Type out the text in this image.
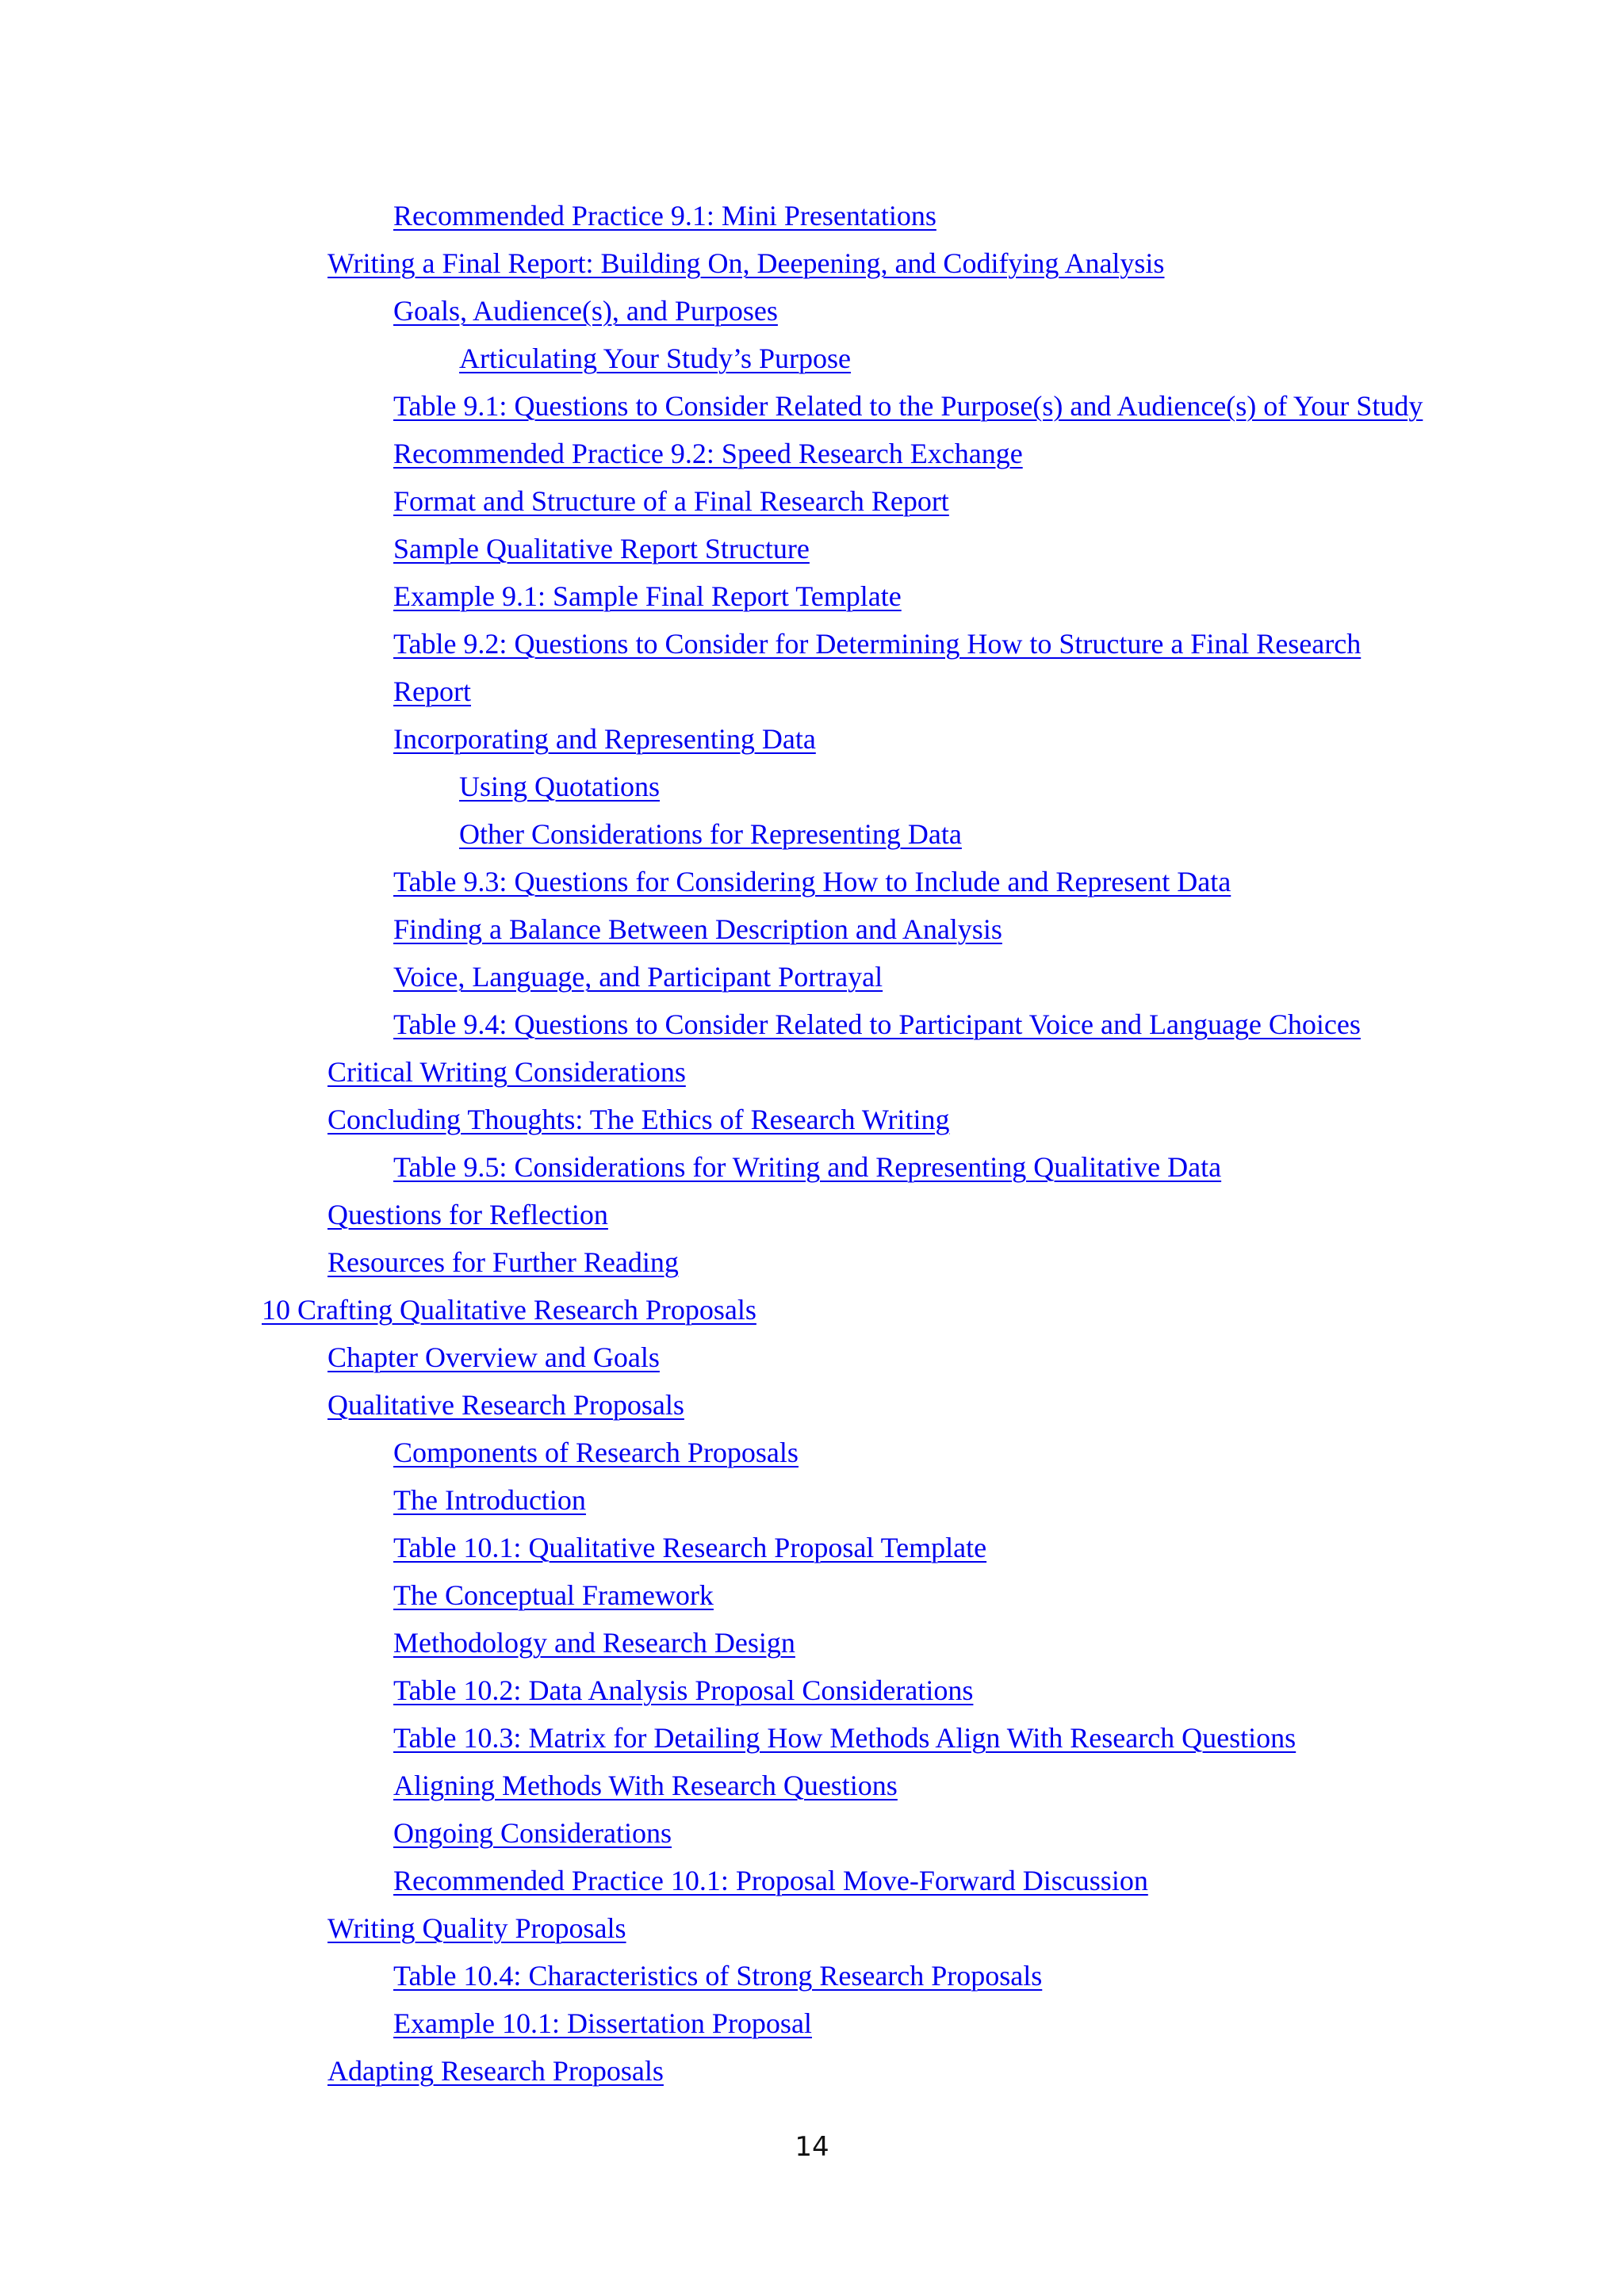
Recommended Practice 9.1: Mini Presentations
Writing a Final Report: Building On, Deepening, and Codifying Analysis
Goals, Audience(s), and Purposes
Articulating Your Study’s Purpose
Table 9.1: Questions to Consider Related to the Purpose(s) and Audience(s) of Your Study
Recommended Practice 9.2: Speed Research Exchange
Format and Structure of a Final Research Report
Sample Qualitative Report Structure
Example 9.1: Sample Final Report Template
Table 9.2: Questions to Consider for Determining How to Structure a Final Research
Report
Incorporating and Representing Data
Using Quotations
Other Considerations for Representing Data
Table 9.3: Questions for Considering How to Include and Represent Data
Finding a Balance Between Description and Analysis
Voice, Language, and Participant Portrayal
Table 9.4: Questions to Consider Related to Participant Voice and Language Choices
Critical Writing Considerations
Concluding Thoughts: The Ethics of Research Writing
Table 9.5: Considerations for Writing and Representing Qualitative Data
Questions for Reflection
Resources for Further Reading
10 Crafting Qualitative Research Proposals
Chapter Overview and Goals
Qualitative Research Proposals
Components of Research Proposals
The Introduction
Table 10.1: Qualitative Research Proposal Template
The Conceptual Framework
Methodology and Research Design
Table 10.2: Data Analysis Proposal Considerations
Table 10.3: Matrix for Detailing How Methods Align With Research Questions
Aligning Methods With Research Questions
Ongoing Considerations
Recommended Practice 10.1: Proposal Move-Forward Discussion
Writing Quality Proposals
Table 10.4: Characteristics of Strong Research Proposals
Example 10.1: Dissertation Proposal
Adapting Research Proposals
14
